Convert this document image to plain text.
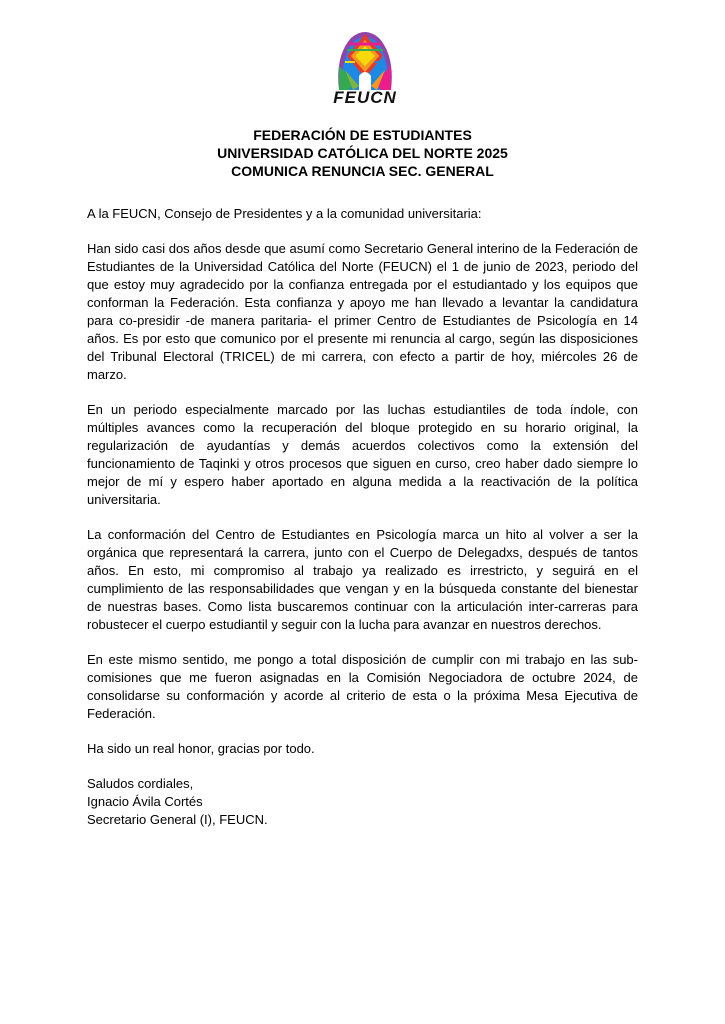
FEUCN
FEDERACIÓN DE ESTUDIANTES
UNIVERSIDAD CATÓLICA DEL NORTE 2025
COMUNICA RENUNCIA SEC. GENERAL

A la FEUCN, Consejo de Presidentes y a la comunidad universitaria:

Han sido casi dos años desde que asumí como Secretario General interino de la Federación de Estudiantes de la Universidad Católica del Norte (FEUCN) el 1 de junio de 2023, periodo del que estoy muy agradecido por la confianza entregada por el estudiantado y los equipos que conforman la Federación. Esta confianza y apoyo me han llevado a levantar la candidatura para co-presidir -de manera paritaria- el primer Centro de Estudiantes de Psicología en 14 años. Es por esto que comunico por el presente mi renuncia al cargo, según las disposiciones del Tribunal Electoral (TRICEL) de mi carrera, con efecto a partir de hoy, miércoles 26 de marzo.

En un periodo especialmente marcado por las luchas estudiantiles de toda índole, con múltiples avances como la recuperación del bloque protegido en su horario original, la regularización de ayudantías y demás acuerdos colectivos como la extensión del funcionamiento de Taqinki y otros procesos que siguen en curso, creo haber dado siempre lo mejor de mí y espero haber aportado en alguna medida a la reactivación de la política universitaria.

La conformación del Centro de Estudiantes en Psicología marca un hito al volver a ser la orgánica que representará la carrera, junto con el Cuerpo de Delegadxs, después de tantos años. En esto, mi compromiso al trabajo ya realizado es irrestricto, y seguirá en el cumplimiento de las responsabilidades que vengan y en la búsqueda constante del bienestar de nuestras bases. Como lista buscaremos continuar con la articulación inter-carreras para robustecer el cuerpo estudiantil y seguir con la lucha para avanzar en nuestros derechos.

En este mismo sentido, me pongo a total disposición de cumplir con mi trabajo en las sub-comisiones que me fueron asignadas en la Comisión Negociadora de octubre 2024, de consolidarse su conformación y acorde al criterio de esta o la próxima Mesa Ejecutiva de Federación.

Ha sido un real honor, gracias por todo.

Saludos cordiales,
Ignacio Ávila Cortés
Secretario General (I), FEUCN.
